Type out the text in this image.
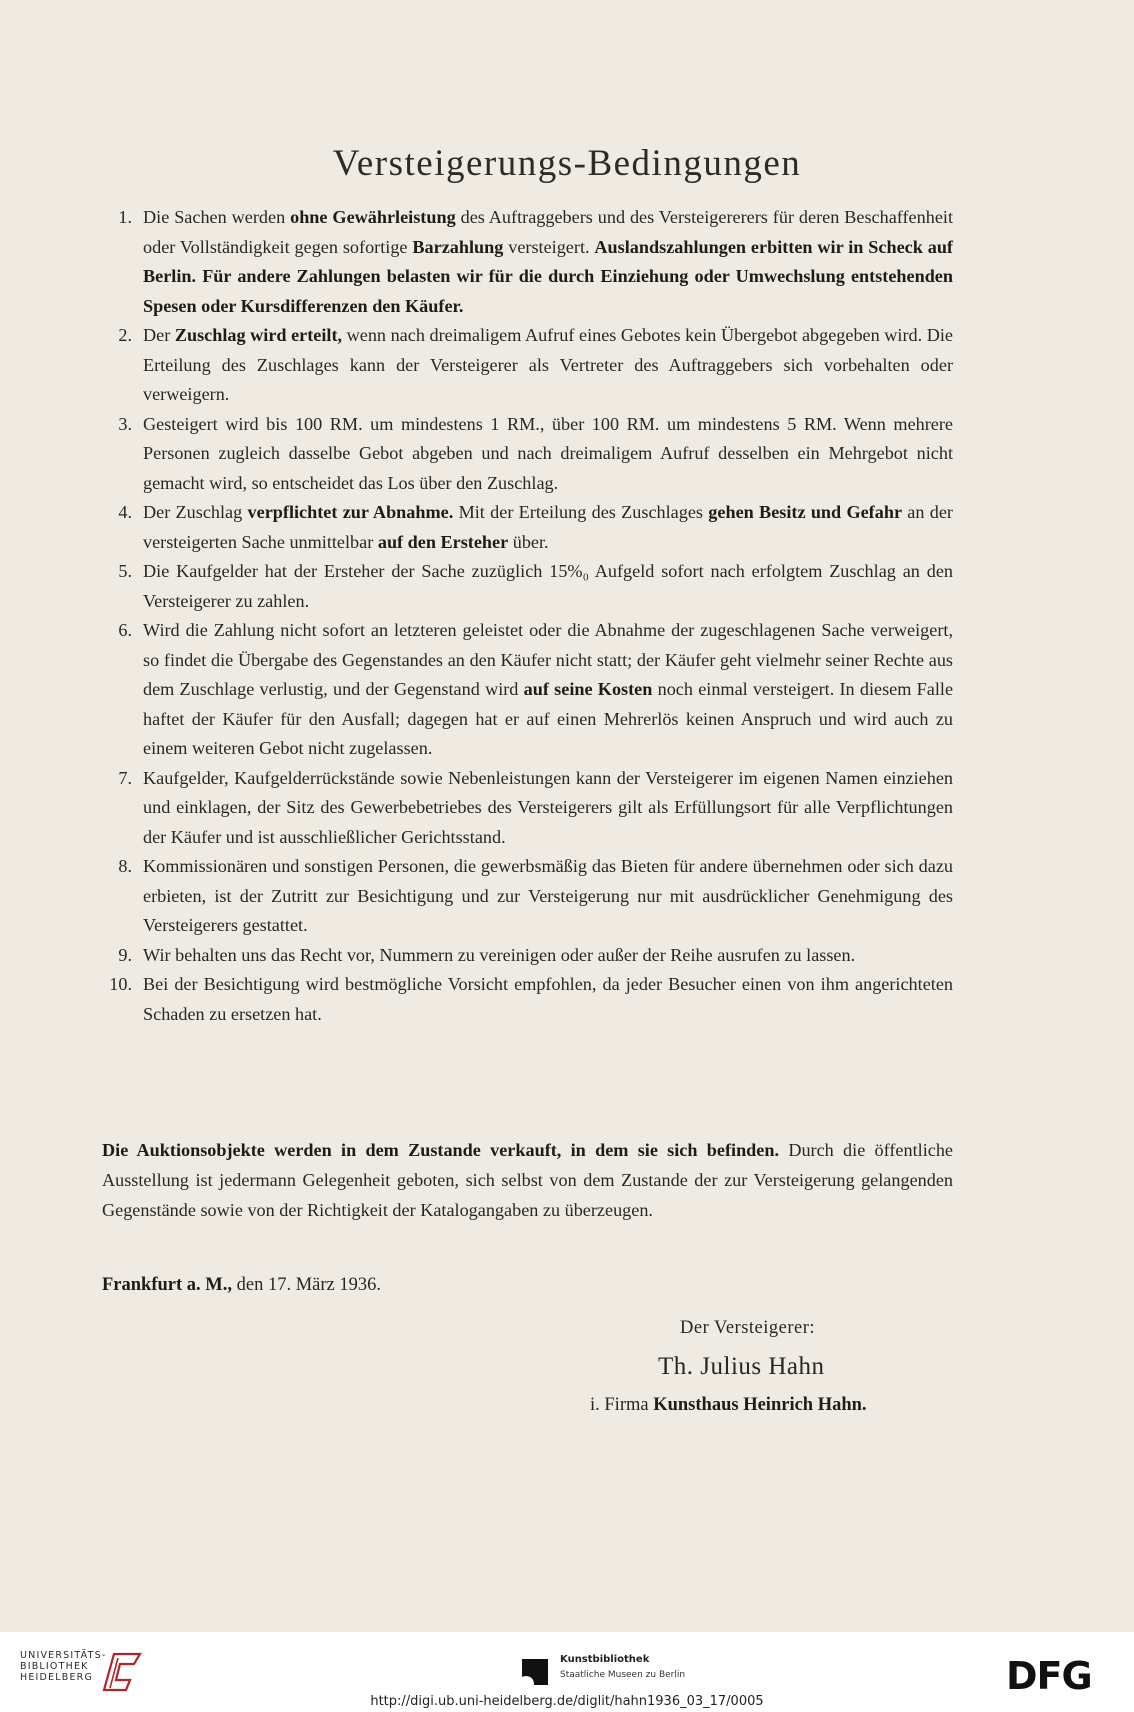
Versteigerungs-Bedingungen
1. Die Sachen werden ohne Gewährleistung des Auftraggebers und des Versteigererers für deren Beschaffenheit oder Vollständigkeit gegen sofortige Barzahlung versteigert. Auslandszahlungen erbitten wir in Scheck auf Berlin. Für andere Zahlungen belasten wir für die durch Einziehung oder Umwechslung entstehenden Spesen oder Kursdifferenzen den Käufer.
2. Der Zuschlag wird erteilt, wenn nach dreimaligem Aufruf eines Gebotes kein Übergebot abgegeben wird. Die Erteilung des Zuschlages kann der Versteigerer als Vertreter des Auftraggebers sich vorbehalten oder verweigern.
3. Gesteigert wird bis 100 RM. um mindestens 1 RM., über 100 RM. um mindestens 5 RM. Wenn mehrere Personen zugleich dasselbe Gebot abgeben und nach dreimaligem Aufruf desselben ein Mehrgebot nicht gemacht wird, so entscheidet das Los über den Zuschlag.
4. Der Zuschlag verpflichtet zur Abnahme. Mit der Erteilung des Zuschlages gehen Besitz und Gefahr an der versteigerten Sache unmittelbar auf den Ersteher über.
5. Die Kaufgelder hat der Ersteher der Sache zuzüglich 15%₀ Aufgeld sofort nach erfolgtem Zuschlag an den Versteigerer zu zahlen.
6. Wird die Zahlung nicht sofort an letzteren geleistet oder die Abnahme der zugeschlagenen Sache verweigert, so findet die Übergabe des Gegenstandes an den Käufer nicht statt; der Käufer geht vielmehr seiner Rechte aus dem Zuschlage verlustig, und der Gegenstand wird auf seine Kosten noch einmal versteigert. In diesem Falle haftet der Käufer für den Ausfall; dagegen hat er auf einen Mehrerlös keinen Anspruch und wird auch zu einem weiteren Gebot nicht zugelassen.
7. Kaufgelder, Kaufgelderrückstände sowie Nebenleistungen kann der Versteigerer im eigenen Namen einziehen und einklagen, der Sitz des Gewerbebetriebes des Versteigerers gilt als Erfüllungsort für alle Verpflichtungen der Käufer und ist ausschließlicher Gerichtsstand.
8. Kommissionären und sonstigen Personen, die gewerbsmäßig das Bieten für andere übernehmen oder sich dazu erbieten, ist der Zutritt zur Besichtigung und zur Versteigerung nur mit ausdrücklicher Genehmigung des Versteigerers gestattet.
9. Wir behalten uns das Recht vor, Nummern zu vereinigen oder außer der Reihe ausrufen zu lassen.
10. Bei der Besichtigung wird bestmögliche Vorsicht empfohlen, da jeder Besucher einen von ihm angerichteten Schaden zu ersetzen hat.

Die Auktionsobjekte werden in dem Zustande verkauft, in dem sie sich befinden. Durch die öffentliche Ausstellung ist jedermann Gelegenheit geboten, sich selbst von dem Zustande der zur Versteigerung gelangenden Gegenstände sowie von der Richtigkeit der Katalogangaben zu überzeugen.

Frankfurt a. M., den 17. März 1936.
Der Versteigerer:
Th. Julius Hahn
i. Firma Kunsthaus Heinrich Hahn.
UNIVERSITÄTS-
BIBLIOTHEK
HEIDELBERG
Kunstbibliothek
Staatliche Museen zu Berlin	DFG
http://digi.ub.uni-heidelberg.de/diglit/hahn1936_03_17/0005
